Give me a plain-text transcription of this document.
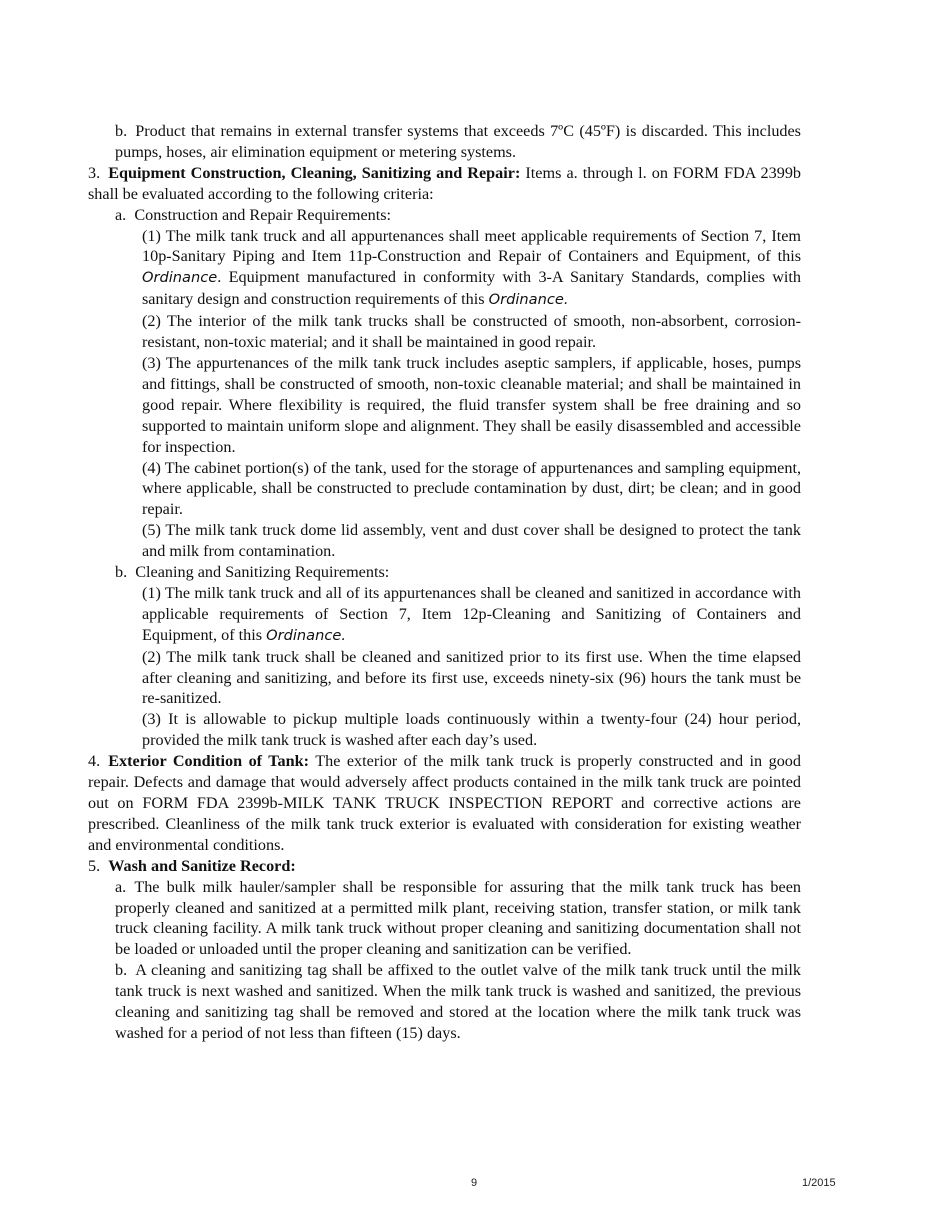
b. Product that remains in external transfer systems that exceeds 7ºC (45ºF) is discarded. This includes pumps, hoses, air elimination equipment or metering systems.

3. Equipment Construction, Cleaning, Sanitizing and Repair: Items a. through l. on FORM FDA 2399b shall be evaluated according to the following criteria:

a. Construction and Repair Requirements:

(1) The milk tank truck and all appurtenances shall meet applicable requirements of Section 7, Item 10p-Sanitary Piping and Item 11p-Construction and Repair of Containers and Equipment, of this Ordinance. Equipment manufactured in conformity with 3-A Sanitary Standards, complies with sanitary design and construction requirements of this Ordinance.

(2) The interior of the milk tank trucks shall be constructed of smooth, non-absorbent, corrosion-resistant, non-toxic material; and it shall be maintained in good repair.

(3) The appurtenances of the milk tank truck includes aseptic samplers, if applicable, hoses, pumps and fittings, shall be constructed of smooth, non-toxic cleanable material; and shall be maintained in good repair. Where flexibility is required, the fluid transfer system shall be free draining and so supported to maintain uniform slope and alignment. They shall be easily disassembled and accessible for inspection.

(4) The cabinet portion(s) of the tank, used for the storage of appurtenances and sampling equipment, where applicable, shall be constructed to preclude contamination by dust, dirt; be clean; and in good repair.

(5) The milk tank truck dome lid assembly, vent and dust cover shall be designed to protect the tank and milk from contamination.

b. Cleaning and Sanitizing Requirements:

(1) The milk tank truck and all of its appurtenances shall be cleaned and sanitized in accordance with applicable requirements of Section 7, Item 12p-Cleaning and Sanitizing of Containers and Equipment, of this Ordinance.

(2) The milk tank truck shall be cleaned and sanitized prior to its first use. When the time elapsed after cleaning and sanitizing, and before its first use, exceeds ninety-six (96) hours the tank must be re-sanitized.

(3) It is allowable to pickup multiple loads continuously within a twenty-four (24) hour period, provided the milk tank truck is washed after each day’s used.

4. Exterior Condition of Tank: The exterior of the milk tank truck is properly constructed and in good repair. Defects and damage that would adversely affect products contained in the milk tank truck are pointed out on FORM FDA 2399b-MILK TANK TRUCK INSPECTION REPORT and corrective actions are prescribed. Cleanliness of the milk tank truck exterior is evaluated with consideration for existing weather and environmental conditions.

5. Wash and Sanitize Record:

a. The bulk milk hauler/sampler shall be responsible for assuring that the milk tank truck has been properly cleaned and sanitized at a permitted milk plant, receiving station, transfer station, or milk tank truck cleaning facility. A milk tank truck without proper cleaning and sanitizing documentation shall not be loaded or unloaded until the proper cleaning and sanitization can be verified.

b. A cleaning and sanitizing tag shall be affixed to the outlet valve of the milk tank truck until the milk tank truck is next washed and sanitized. When the milk tank truck is washed and sanitized, the previous cleaning and sanitizing tag shall be removed and stored at the location where the milk tank truck was washed for a period of not less than fifteen (15) days.

9	1/2015
